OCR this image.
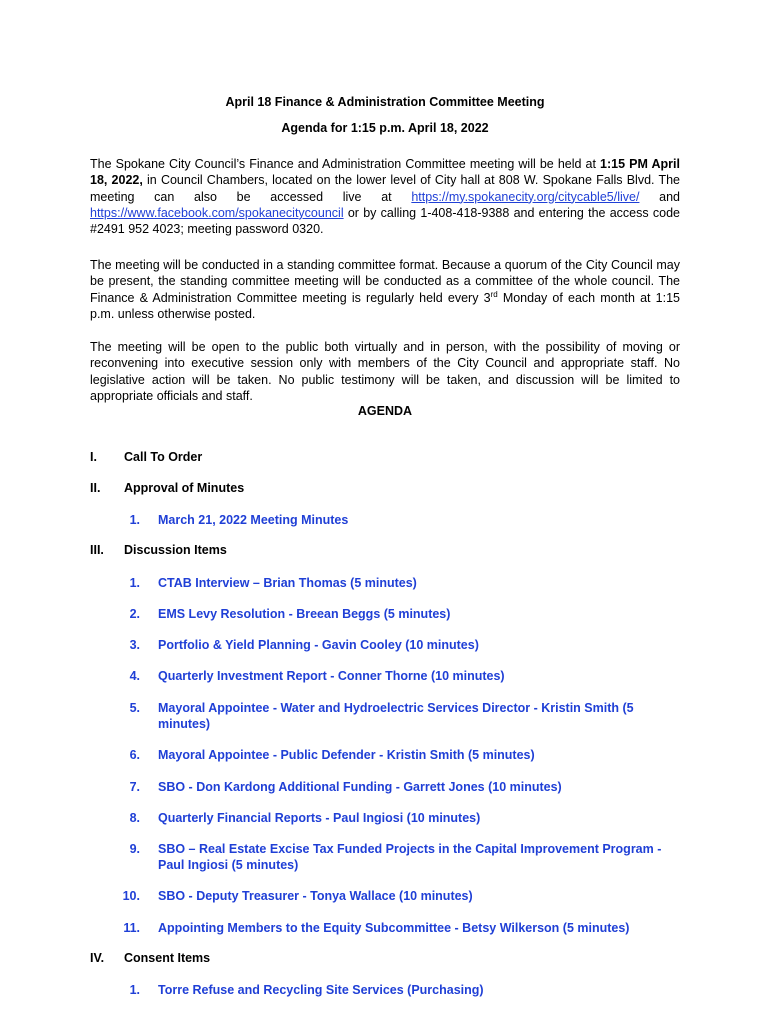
April 18 Finance & Administration Committee Meeting
Agenda for 1:15 p.m. April 18, 2022

The Spokane City Council’s Finance and Administration Committee meeting will be held at 1:15 PM April 18, 2022, in Council Chambers, located on the lower level of City hall at 808 W. Spokane Falls Blvd. The meeting can also be accessed live at https://my.spokanecity.org/citycable5/live/ and https://www.facebook.com/spokanecitycouncil or by calling 1-408-418-9388 and entering the access code #2491 952 4023; meeting password 0320.

The meeting will be conducted in a standing committee format. Because a quorum of the City Council may be present, the standing committee meeting will be conducted as a committee of the whole council. The Finance & Administration Committee meeting is regularly held every 3rd Monday of each month at 1:15 p.m. unless otherwise posted.

The meeting will be open to the public both virtually and in person, with the possibility of moving or reconvening into executive session only with members of the City Council and appropriate staff. No legislative action will be taken. No public testimony will be taken, and discussion will be limited to appropriate officials and staff.

AGENDA
I. Call To Order
II. Approval of Minutes
1. March 21, 2022 Meeting Minutes
III. Discussion Items
1. CTAB Interview – Brian Thomas (5 minutes)
2. EMS Levy Resolution - Breean Beggs (5 minutes)
3. Portfolio & Yield Planning - Gavin Cooley (10 minutes)
4. Quarterly Investment Report - Conner Thorne (10 minutes)
5. Mayoral Appointee - Water and Hydroelectric Services Director - Kristin Smith (5 minutes)
6. Mayoral Appointee - Public Defender - Kristin Smith (5 minutes)
7. SBO - Don Kardong Additional Funding - Garrett Jones (10 minutes)
8. Quarterly Financial Reports - Paul Ingiosi (10 minutes)
9. SBO – Real Estate Excise Tax Funded Projects in the Capital Improvement Program - Paul Ingiosi (5 minutes)
10. SBO - Deputy Treasurer - Tonya Wallace (10 minutes)
11. Appointing Members to the Equity Subcommittee - Betsy Wilkerson (5 minutes)
IV. Consent Items
1. Torre Refuse and Recycling Site Services (Purchasing)
